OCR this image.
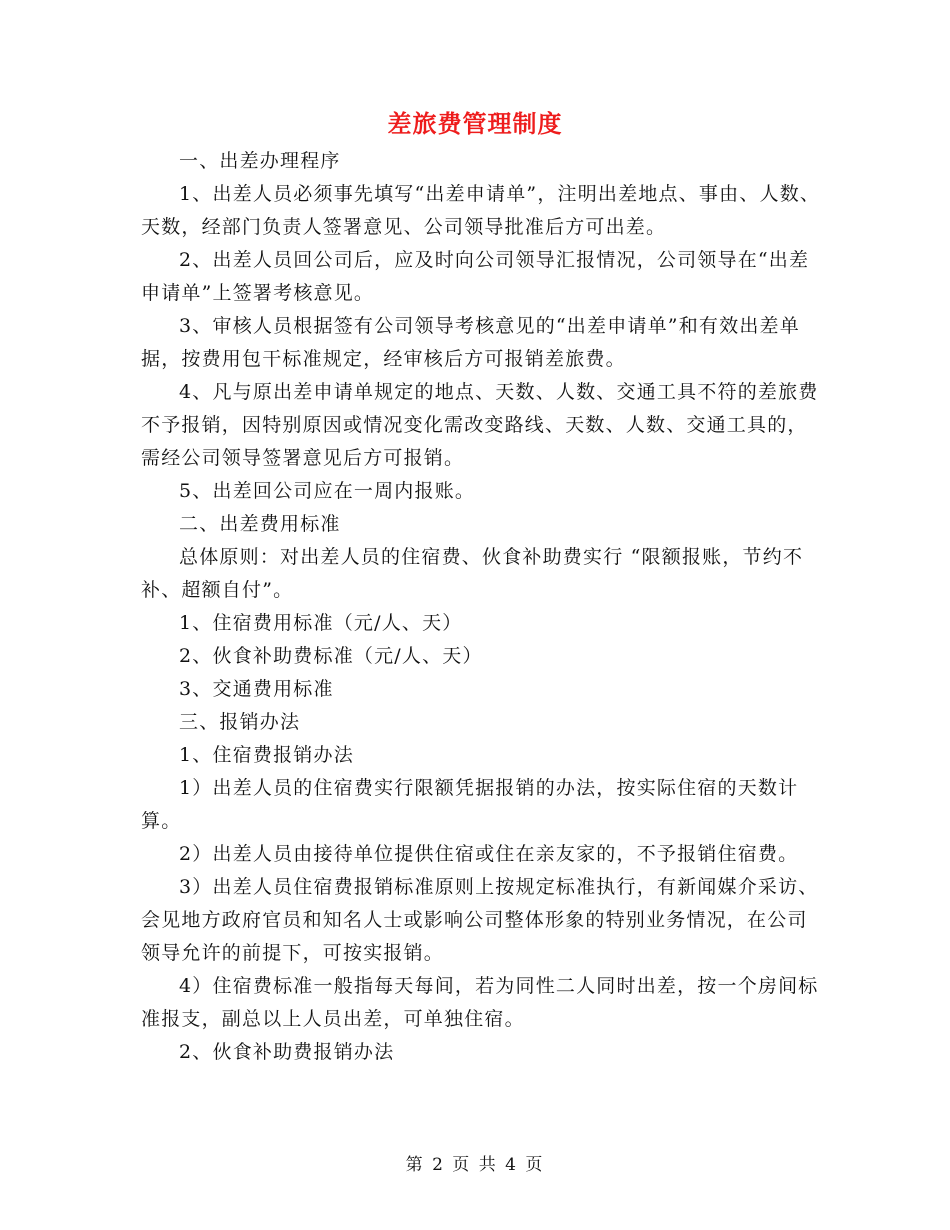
差旅费管理制度

一、出差办理程序

1、出差人员必须事先填写“出差申请单”，注明出差地点、事由、人数、天数，经部门负责人签署意见、公司领导批准后方可出差。

2、出差人员回公司后，应及时向公司领导汇报情况，公司领导在“出差申请单”上签署考核意见。

3、审核人员根据签有公司领导考核意见的“出差申请单”和有效出差单据，按费用包干标准规定，经审核后方可报销差旅费。

4、凡与原出差申请单规定的地点、天数、人数、交通工具不符的差旅费不予报销，因特别原因或情况变化需改变路线、天数、人数、交通工具的，需经公司领导签署意见后方可报销。

5、出差回公司应在一周内报账。

二、出差费用标准

总体原则：对出差人员的住宿费、伙食补助费实行 “限额报账，节约不补、超额自付”。

1、住宿费用标准（元/人、天）

2、伙食补助费标准（元/人、天）

3、交通费用标准

三、报销办法

1、住宿费报销办法

1）出差人员的住宿费实行限额凭据报销的办法，按实际住宿的天数计算。

2）出差人员由接待单位提供住宿或住在亲友家的，不予报销住宿费。

3）出差人员住宿费报销标准原则上按规定标准执行，有新闻媒介采访、会见地方政府官员和知名人士或影响公司整体形象的特别业务情况，在公司领导允许的前提下，可按实报销。

4）住宿费标准一般指每天每间，若为同性二人同时出差，按一个房间标准报支，副总以上人员出差，可单独住宿。

2、伙食补助费报销办法

第 2 页 共 4 页
